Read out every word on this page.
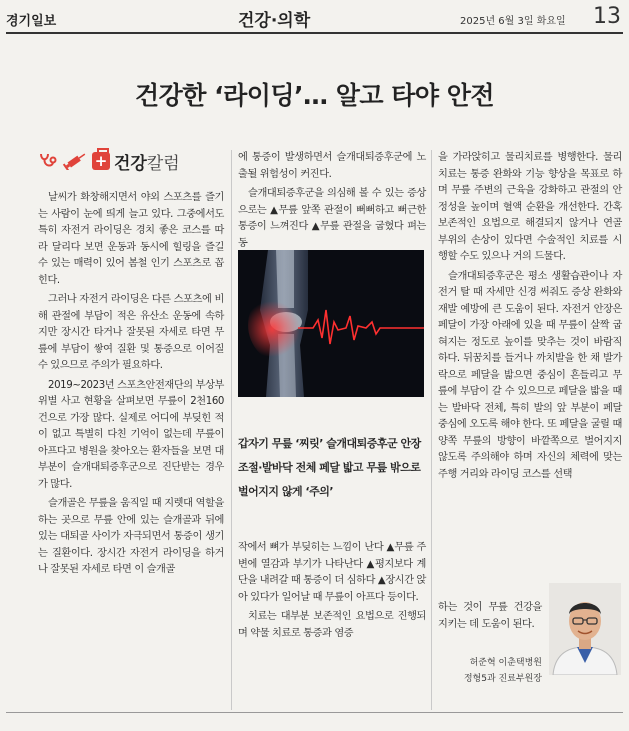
경기일보	건강·의학	2025년 6월 3일 화요일 13
건강한 ‘라이딩’… 알고 타야 안전
+
건강칼럼

날씨가 화창해지면서 야외 스포츠를 즐기는 사람이 눈에 띄게 늘고 있다. 그중에서도 특히 자전거 라이딩은 경치 좋은 코스를 따라 달리다 보면 운동과 동시에 힐링을 즐길 수 있는 매력이 있어 봄철 인기 스포츠로 꼽힌다.

그러나 자전거 라이딩은 다른 스포츠에 비해 관절에 부담이 적은 유산소 운동에 속하지만 장시간 타거나 잘못된 자세로 타면 무릎에 부담이 쌓여 질환 및 통증으로 이어질 수 있으므로 주의가 필요하다.

2019~2023년 스포츠안전재단의 부상부위별 사고 현황을 살펴보면 무릎이 2천160건으로 가장 많다. 실제로 어디에 부딪힌 적이 없고 특별히 다친 기억이 없는데 무릎이 아프다고 병원을 찾아오는 환자들을 보면 대부분이 슬개대퇴증후군으로 진단받는 경우가 많다.

슬개골은 무릎을 움직일 때 지렛대 역할을 하는 곳으로 무릎 안에 있는 슬개골과 뒤에 있는 대퇴골 사이가 자극되면서 통증이 생기는 질환이다. 장시간 자전거 라이딩을 하거나 잘못된 자세로 타면 이 슬개골

에 통증이 발생하면서 슬개대퇴증후군에 노출될 위험성이 커진다.

슬개대퇴증후군을 의심해 볼 수 있는 증상으로는 ▲무릎 앞쪽 관절이 뻐뻐하고 뻐근한 통증이 느껴진다 ▲무릎 관절을 굽혔다 펴는 동

갑자기 무릎 ‘찌릿’ 슬개대퇴증후군 안장 조절·발바닥 전체 페달 밟고 무릎 밖으로 벌어지지 않게 ‘주의’

작에서 뼈가 부딪히는 느낌이 난다 ▲무릎 주변에 열감과 부기가 나타난다 ▲평지보다 계단을 내려갈 때 통증이 더 심하다 ▲장시간 앉아 있다가 일어날 때 무릎이 아프다 등이다.

치료는 대부분 보존적인 요법으로 진행되며 약물 치료로 통증과 염증

을 가라앉히고 물리치료를 병행한다. 물리치료는 통증 완화와 기능 향상을 목표로 하며 무릎 주변의 근육을 강화하고 관절의 안정성을 높이며 혈액 순환을 개선한다. 간혹 보존적인 요법으로 해결되지 않거나 연골 부위의 손상이 있다면 수술적인 치료를 시행할 수도 있으나 거의 드물다.

슬개대퇴증후군은 평소 생활습관이나 자전거 탈 때 자세만 신경 써줘도 증상 완화와 재발 예방에 큰 도움이 된다. 자전거 안장은 페달이 가장 아래에 있을 때 무릎이 살짝 굽혀지는 정도로 높이를 맞추는 것이 바람직하다. 뒤꿈치를 들거나 까치발을 한 채 발가락으로 페달을 밟으면 중심이 흔들리고 무릎에 부담이 갈 수 있으므로 페달을 밟을 때는 발바닥 전체, 특히 발의 앞 부분이 페달 중심에 오도록 해야 한다. 또 페달을 굴릴 때 양쪽 무릎의 방향이 바깥쪽으로 벌어지지 않도록 주의해야 하며 자신의 체력에 맞는 주행 거리와 라이딩 코스를 선택

하는 것이 무릎 건강을 지키는 데 도움이 된다.

허준혁 이춘택병원
정형5과 진료부원장
